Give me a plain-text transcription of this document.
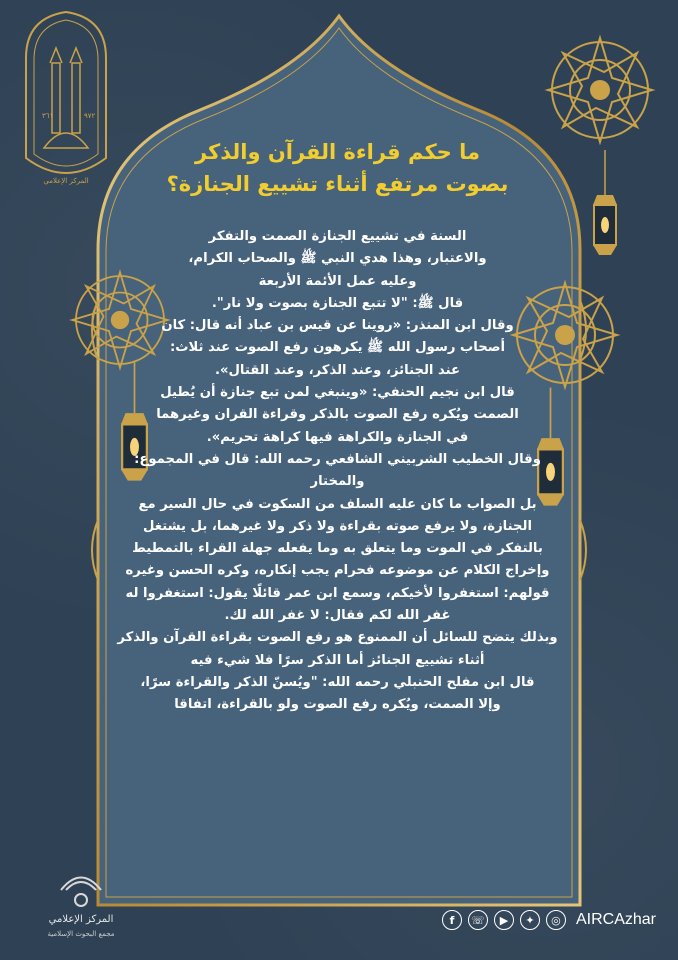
٣٦١	٩٧٢
المركز الإعلامي
ما حكم قراءة القرآن والذكر
بصوت مرتفع أثناء تشييع الجنازة؟

السنة في تشييع الجنازة الصمت والتفكر

والاعتبار، وهذا هدي النبي ﷺ والصحاب الكرام،

وعليه عمل الأئمة الأربعة

قال ﷺ: "لا تتبع الجنازة بصوت ولا نار".

وقال ابن المنذر: «روينا عن قيس بن عباد أنه قال: كان

أصحاب رسول الله ﷺ يكرهون رفع الصوت عند ثلاث:

عند الجنائز، وعند الذكر، وعند القتال».

قال ابن نجيم الحنفي: «وينبغي لمن تبع جنازة أن يُطيل

الصمت ويُكره رفع الصوت بالذكر وقراءة القران وغيرهما

في الجنازة والكراهة فيها كراهة تحريم».

وقال الخطيب الشربيني الشافعي رحمه الله: قال في المجموع: والمختار

بل الصواب ما كان عليه السلف من السكوت في حال السير مع

الجنازة، ولا يرفع صوته بقراءة ولا ذكر ولا غيرهما، بل يشتغل

بالتفكر في الموت وما يتعلق به وما يفعله جهلة القراء بالتمطيط

وإخراج الكلام عن موضوعه فحرام يجب إنكاره، وكره الحسن وغيره

قولهم: استغفروا لأخيكم، وسمع ابن عمر قائلًا يقول: استغفروا له

غفر الله لكم فقال: لا غفر الله لك.

وبذلك يتضح للسائل أن الممنوع هو رفع الصوت بقراءة القرآن والذكر

أثناء تشييع الجنائز أما الذكر سرًا فلا شيء فيه

قال ابن مفلح الحنبلي رحمه الله: "ويُسنّ الذكر والقراءة سرًا،

وإلا الصمت، ويُكره رفع الصوت ولو بالقراءة، اتفاقا

المركز الإعلامي
مجمع البحوث الإسلامية
f	☏	▶	✦	◎ AIRCAzhar
